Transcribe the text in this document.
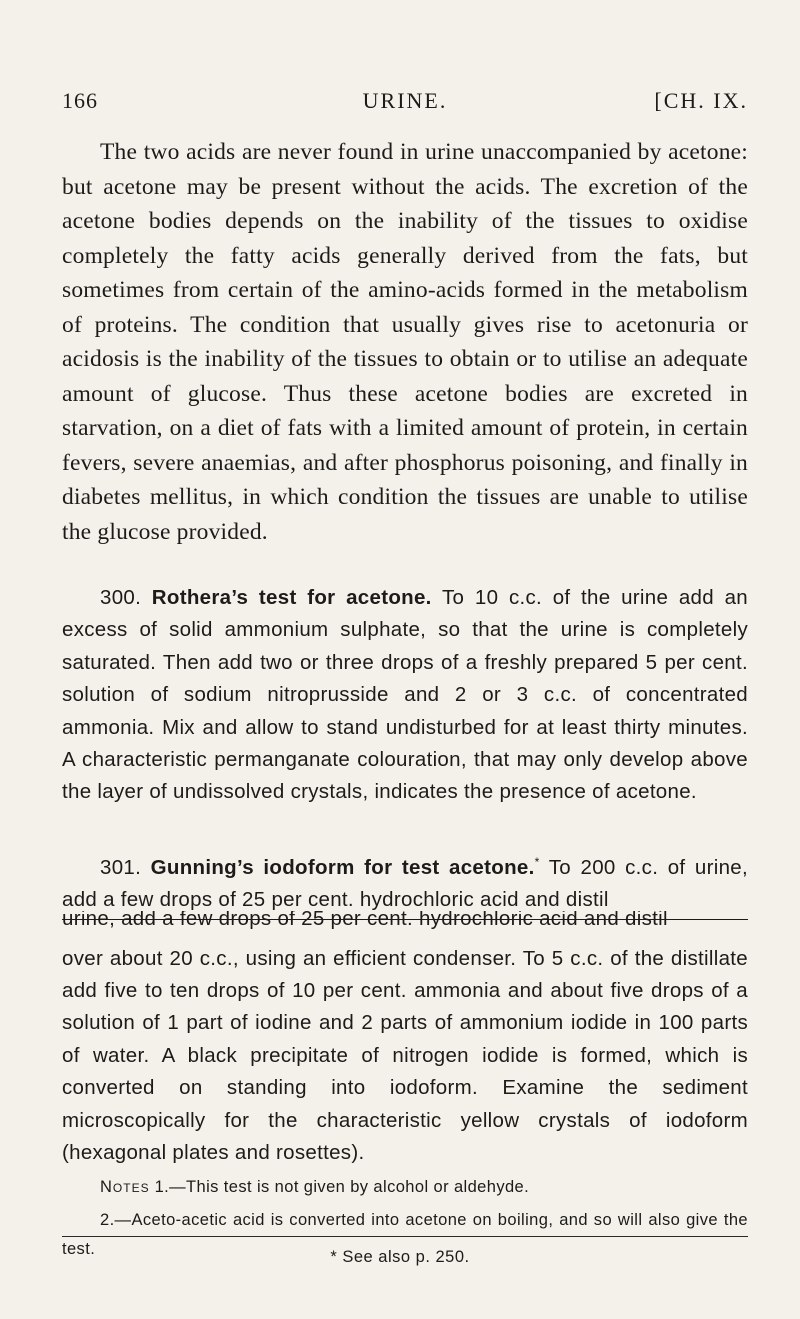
166	URINE.	[CH. IX.
The two acids are never found in urine unaccompanied by acetone: but acetone may be present without the acids. The excretion of the acetone bodies depends on the inability of the tissues to oxidise completely the fatty acids generally derived from the fats, but sometimes from certain of the amino-acids formed in the metabolism of proteins. The condition that usually gives rise to acetonuria or acidosis is the inability of the tissues to obtain or to utilise an adequate amount of glucose. Thus these acetone bodies are excreted in starvation, on a diet of fats with a limited amount of protein, in certain fevers, severe anaemias, and after phosphorus poisoning, and finally in diabetes mellitus, in which condition the tissues are unable to utilise the glucose provided.
300. Rothera’s test for acetone. To 10 c.c. of the urine add an excess of solid ammonium sulphate, so that the urine is completely saturated. Then add two or three drops of a freshly prepared 5 per cent. solution of sodium nitroprusside and 2 or 3 c.c. of concentrated ammonia. Mix and allow to stand undisturbed for at least thirty minutes. A characteristic permanganate colouration, that may only develop above the layer of undissolved crystals, indicates the presence of acetone.
301. Gunning’s iodoform for test acetone.* To 200 c.c. of urine, add a few drops of 25 per cent. hydrochloric acid and distil
urine, add a few drops of 25 per cent. hydrochloric acid and distil
over about 20 c.c., using an efficient condenser. To 5 c.c. of the distillate add five to ten drops of 10 per cent. ammonia and about five drops of a solution of 1 part of iodine and 2 parts of ammonium iodide in 100 parts of water. A black precipitate of nitrogen iodide is formed, which is converted on standing into iodoform. Examine the sediment microscopically for the characteristic yellow crystals of iodoform (hexagonal plates and rosettes).
Notes 1.—This test is not given by alcohol or aldehyde.
2.—Aceto-acetic acid is converted into acetone on boiling, and so will also give the test.	* See also p. 250.
